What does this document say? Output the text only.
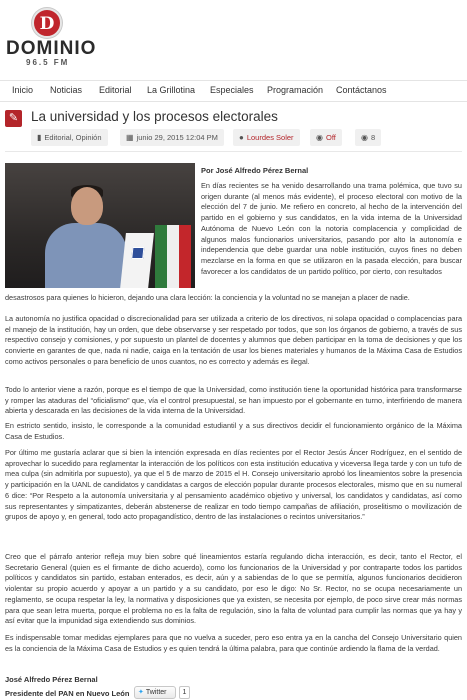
D
DOMINIO
96.5 FM
Inicio Noticias Editorial La Grillotina Especiales Programación Contáctanos
✎ La universidad y los procesos electorales
▮ Editorial, Opinión	▦ junio 29, 2015 12:04 PM	● Lourdes Soler	◉ Off	◉ 8
Por José Alfredo Pérez Bernal
En días recientes se ha venido desarrollando una trama polémica, que tuvo su origen durante (al menos más evidente), el proceso electoral con motivo de la elección del 7 de junio. Me refiero en concreto, al hecho de la intervención del partido en el gobierno y sus candidatos, en la vida interna de la Universidad Autónoma de Nuevo León con la notoria complacencia y complicidad de algunos malos funcionarios universitarios, pasando por alto la autonomía e independencia que debe guardar una noble institución, cuyos fines no deben mezclarse en la forma en que se utilizaron en la pasada elección, para buscar favorecer a los candidatos de un partido político, por cierto, con resultados
desastrosos para quienes lo hicieron, dejando una clara lección: la conciencia y la voluntad no se manejan a placer de nadie.
La autonomía no justifica opacidad o discrecionalidad para ser utilizada a criterio de los directivos, ni solapa opacidad o complacencias para el manejo de la institución, hay un orden, que debe observarse y ser respetado por todos, que son los órganos de gobierno, a través de sus respectivo consejo y comisiones, y por supuesto un plantel de docentes y alumnos que deben participar en la toma de decisiones y que los convierte en garantes de que, nada ni nadie, caiga en la tentación de usar los bienes materiales y humanos de la Máxima Casa de Estudios como activos personales o para beneficio de unos cuantos, no es correcto y además es ilegal.
Todo lo anterior viene a razón, porque es el tiempo de que la Universidad, como institución tiene la oportunidad histórica para transformarse y romper las ataduras del “oficialismo” que, vía el control presupuestal, se han impuesto por el gobernante en turno, interfiriendo de manera abierta y descarada en las decisiones de la vida interna de la Universidad.
En estricto sentido, insisto, le corresponde a la comunidad estudiantil y a sus directivos decidir el funcionamiento orgánico de la Máxima Casa de Estudios.
Por último me gustaría aclarar que si bien la intención expresada en días recientes por el Rector Jesús Áncer Rodríguez, en el sentido de aprovechar lo sucedido para reglamentar la interacción de los políticos con esta institución educativa y viceversa llega tarde y con un tufo de mea culpa (sin admitirla por supuesto), ya que el 5 de marzo de 2015 el H. Consejo universitario aprobó los lineamientos sobre la presencia y participación en la UANL de candidatos y candidatas a cargos de elección popular durante procesos electorales, mismo que en su numeral 6 dice: “Por Respeto a la autonomía universitaria y al pensamiento académico objetivo y universal, los candidatos y candidatas, así como sus representantes y simpatizantes, deberán abstenerse de realizar en todo tiempo campañas de afiliación, proselitismo o movilización de grupos de apoyo y, en general, todo acto propagandístico, dentro de las instalaciones o recintos universitarios.”
Creo que el párrafo anterior refleja muy bien sobre qué lineamientos estaría regulando dicha interacción, es decir, tanto el Rector, el Secretario General (quien es el firmante de dicho acuerdo), como los funcionarios de la Universidad y por contraparte todos los partidos políticos y candidatos sin partido, estaban enterados, es decir, aún y a sabiendas de lo que se permitía, algunos funcionarios decidieron violentar su propio acuerdo y apoyar a un partido y a su candidato, por eso le digo: No Sr. Rector, no se ocupa necesariamente un reglamento, se ocupa respetar la ley, la normativa y disposiciones que ya existen, se necesita por ejemplo, de poco sirve crear más normas para que sean letra muerta, porque el problema no es la falta de regulación, sino la falta de voluntad para cumplir las normas que ya hay y así evitar que la impunidad siga extendiendo sus dominios.
Es indispensable tomar medidas ejemplares para que no vuelva a suceder, pero eso entra ya en la cancha del Consejo Universitario quien es la conciencia de la Máxima Casa de Estudios y es quien tendrá la última palabra, para que continúe ardiendo la flama de la verdad.
José Alfredo Pérez Bernal
Presidente del PAN en Nuevo León	✦ Twitter	1
